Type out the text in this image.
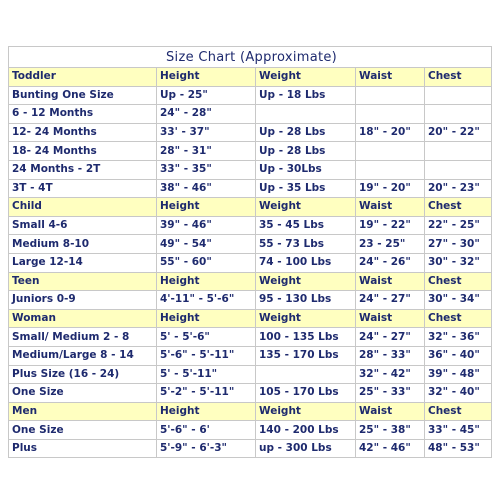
Size Chart (Approximate)				
Toddler	Height	Weight	Waist	Chest
Bunting One Size	Up - 25"	Up - 18 Lbs		
6 - 12 Months	24" - 28"			
12- 24 Months	33' - 37"	Up - 28 Lbs	18" - 20"	20" - 22"
18- 24 Months	28" - 31"	Up - 28 Lbs		
24 Months - 2T	33" - 35"	Up - 30Lbs		
3T - 4T	38" - 46"	Up - 35 Lbs	19" - 20"	20" - 23"
Child	Height	Weight	Waist	Chest
Small 4-6	39" - 46"	35 - 45 Lbs	19" - 22"	22" - 25"
Medium 8-10	49" - 54"	55 - 73 Lbs	23 - 25"	27" - 30"
Large 12-14	55" - 60"	74 - 100 Lbs	24" - 26"	30" - 32"
Teen	Height	Weight	Waist	Chest
Juniors 0-9	4'-11" - 5'-6"	95 - 130 Lbs	24" - 27"	30" - 34"
Woman	Height	Weight	Waist	Chest
Small/ Medium 2 - 8	5' - 5'-6"	100 - 135 Lbs	24" - 27"	32" - 36"
Medium/Large 8 - 14	5'-6" - 5'-11"	135 - 170 Lbs	28" - 33"	36" - 40"
Plus Size (16 - 24)	5' - 5'-11"		32" - 42"	39" - 48"
One Size	5'-2" - 5'-11"	105 - 170 Lbs	25" - 33"	32" - 40"
Men	Height	Weight	Waist	Chest
One Size	5'-6" - 6'	140 - 200 Lbs	25" - 38"	33" - 45"
Plus	5'-9" - 6'-3"	up - 300 Lbs	42" - 46"	48" - 53"
